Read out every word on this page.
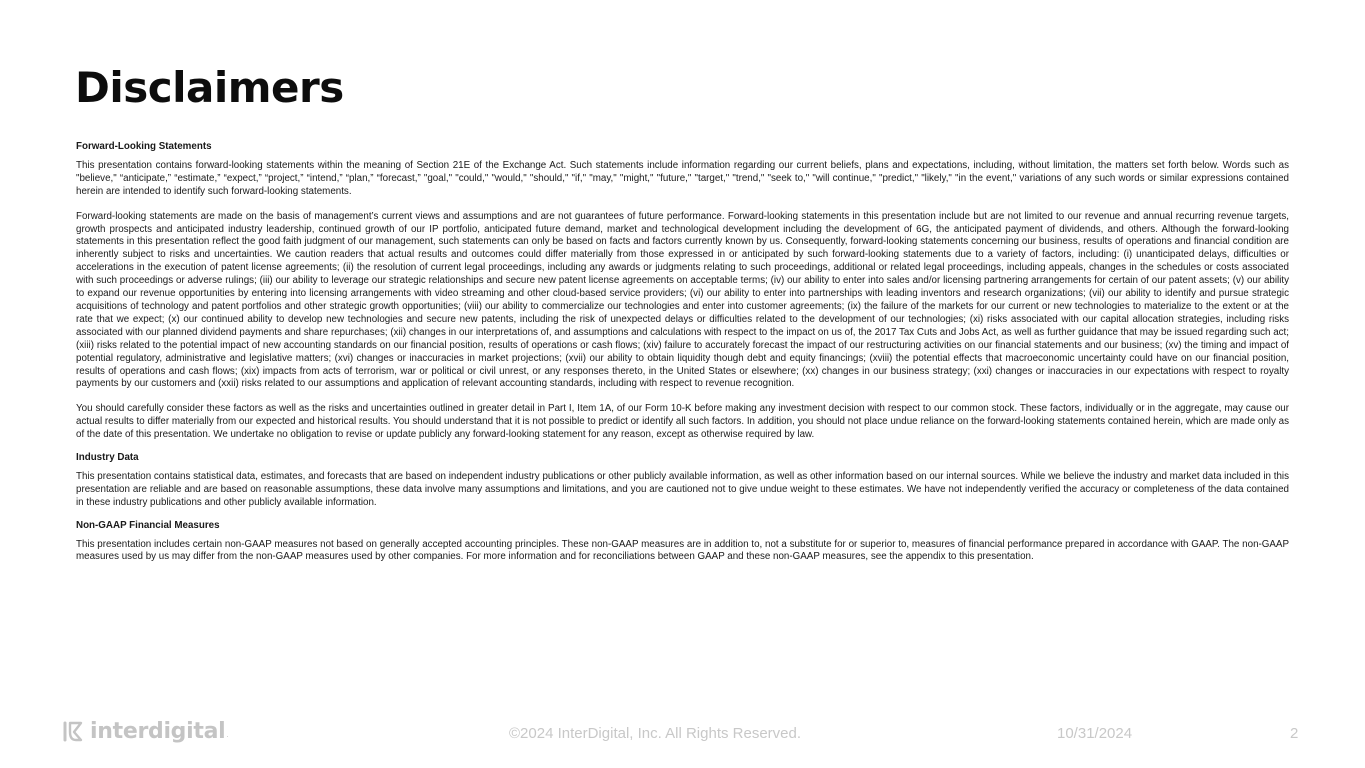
Disclaimers
Forward-Looking Statements

This presentation contains forward-looking statements within the meaning of Section 21E of the Exchange Act. Such statements include information regarding our current beliefs, plans and expectations, including, without limitation, the matters set forth below. Words such as "believe," “anticipate,” “estimate,” “expect,” “project,” “intend,” “plan,” “forecast,” "goal," "could," "would," "should," "if," "may," "might," "future," "target," "trend," "seek to," "will continue," "predict," "likely," "in the event," variations of any such words or similar expressions contained herein are intended to identify such forward-looking statements.

Forward-looking statements are made on the basis of management’s current views and assumptions and are not guarantees of future performance. Forward-looking statements in this presentation include but are not limited to our revenue and annual recurring revenue targets, growth prospects and anticipated industry leadership, continued growth of our IP portfolio, anticipated future demand, market and technological development including the development of 6G, the anticipated payment of dividends, and others. Although the forward-looking statements in this presentation reflect the good faith judgment of our management, such statements can only be based on facts and factors currently known by us. Consequently, forward-looking statements concerning our business, results of operations and financial condition are inherently subject to risks and uncertainties. We caution readers that actual results and outcomes could differ materially from those expressed in or anticipated by such forward-looking statements due to a variety of factors, including: (i) unanticipated delays, difficulties or accelerations in the execution of patent license agreements; (ii) the resolution of current legal proceedings, including any awards or judgments relating to such proceedings, additional or related legal proceedings, including appeals, changes in the schedules or costs associated with such proceedings or adverse rulings; (iii) our ability to leverage our strategic relationships and secure new patent license agreements on acceptable terms; (iv) our ability to enter into sales and/or licensing partnering arrangements for certain of our patent assets; (v) our ability to expand our revenue opportunities by entering into licensing arrangements with video streaming and other cloud-based service providers; (vi) our ability to enter into partnerships with leading inventors and research organizations; (vii) our ability to identify and pursue strategic acquisitions of technology and patent portfolios and other strategic growth opportunities; (viii) our ability to commercialize our technologies and enter into customer agreements; (ix) the failure of the markets for our current or new technologies to materialize to the extent or at the rate that we expect; (x) our continued ability to develop new technologies and secure new patents, including the risk of unexpected delays or difficulties related to the development of our technologies; (xi) risks associated with our capital allocation strategies, including risks associated with our planned dividend payments and share repurchases; (xii) changes in our interpretations of, and assumptions and calculations with respect to the impact on us of, the 2017 Tax Cuts and Jobs Act, as well as further guidance that may be issued regarding such act; (xiii) risks related to the potential impact of new accounting standards on our financial position, results of operations or cash flows; (xiv) failure to accurately forecast the impact of our restructuring activities on our financial statements and our business; (xv) the timing and impact of potential regulatory, administrative and legislative matters; (xvi) changes or inaccuracies in market projections; (xvii) our ability to obtain liquidity though debt and equity financings; (xviii) the potential effects that macroeconomic uncertainty could have on our financial position, results of operations and cash flows; (xix) impacts from acts of terrorism, war or political or civil unrest, or any responses thereto, in the United States or elsewhere; (xx) changes in our business strategy; (xxi) changes or inaccuracies in our expectations with respect to royalty payments by our customers and (xxii) risks related to our assumptions and application of relevant accounting standards, including with respect to revenue recognition.

You should carefully consider these factors as well as the risks and uncertainties outlined in greater detail in Part I, Item 1A, of our Form 10-K before making any investment decision with respect to our common stock. These factors, individually or in the aggregate, may cause our actual results to differ materially from our expected and historical results. You should understand that it is not possible to predict or identify all such factors. In addition, you should not place undue reliance on the forward-looking statements contained herein, which are made only as of the date of this presentation. We undertake no obligation to revise or update publicly any forward-looking statement for any reason, except as otherwise required by law.

Industry Data

This presentation contains statistical data, estimates, and forecasts that are based on independent industry publications or other publicly available information, as well as other information based on our internal sources. While we believe the industry and market data included in this presentation are reliable and are based on reasonable assumptions, these data involve many assumptions and limitations, and you are cautioned not to give undue weight to these estimates. We have not independently verified the accuracy or completeness of the data contained in these industry publications and other publicly available information.

Non-GAAP Financial Measures

This presentation includes certain non-GAAP measures not based on generally accepted accounting principles. These non-GAAP measures are in addition to, not a substitute for or superior to, measures of financial performance prepared in accordance with GAAP. The non-GAAP measures used by us may differ from the non-GAAP measures used by other companies. For more information and for reconciliations between GAAP and these non-GAAP measures, see the appendix to this presentation.

interdigital .	©2024 InterDigital, Inc. All Rights Reserved.	10/31/2024	2
